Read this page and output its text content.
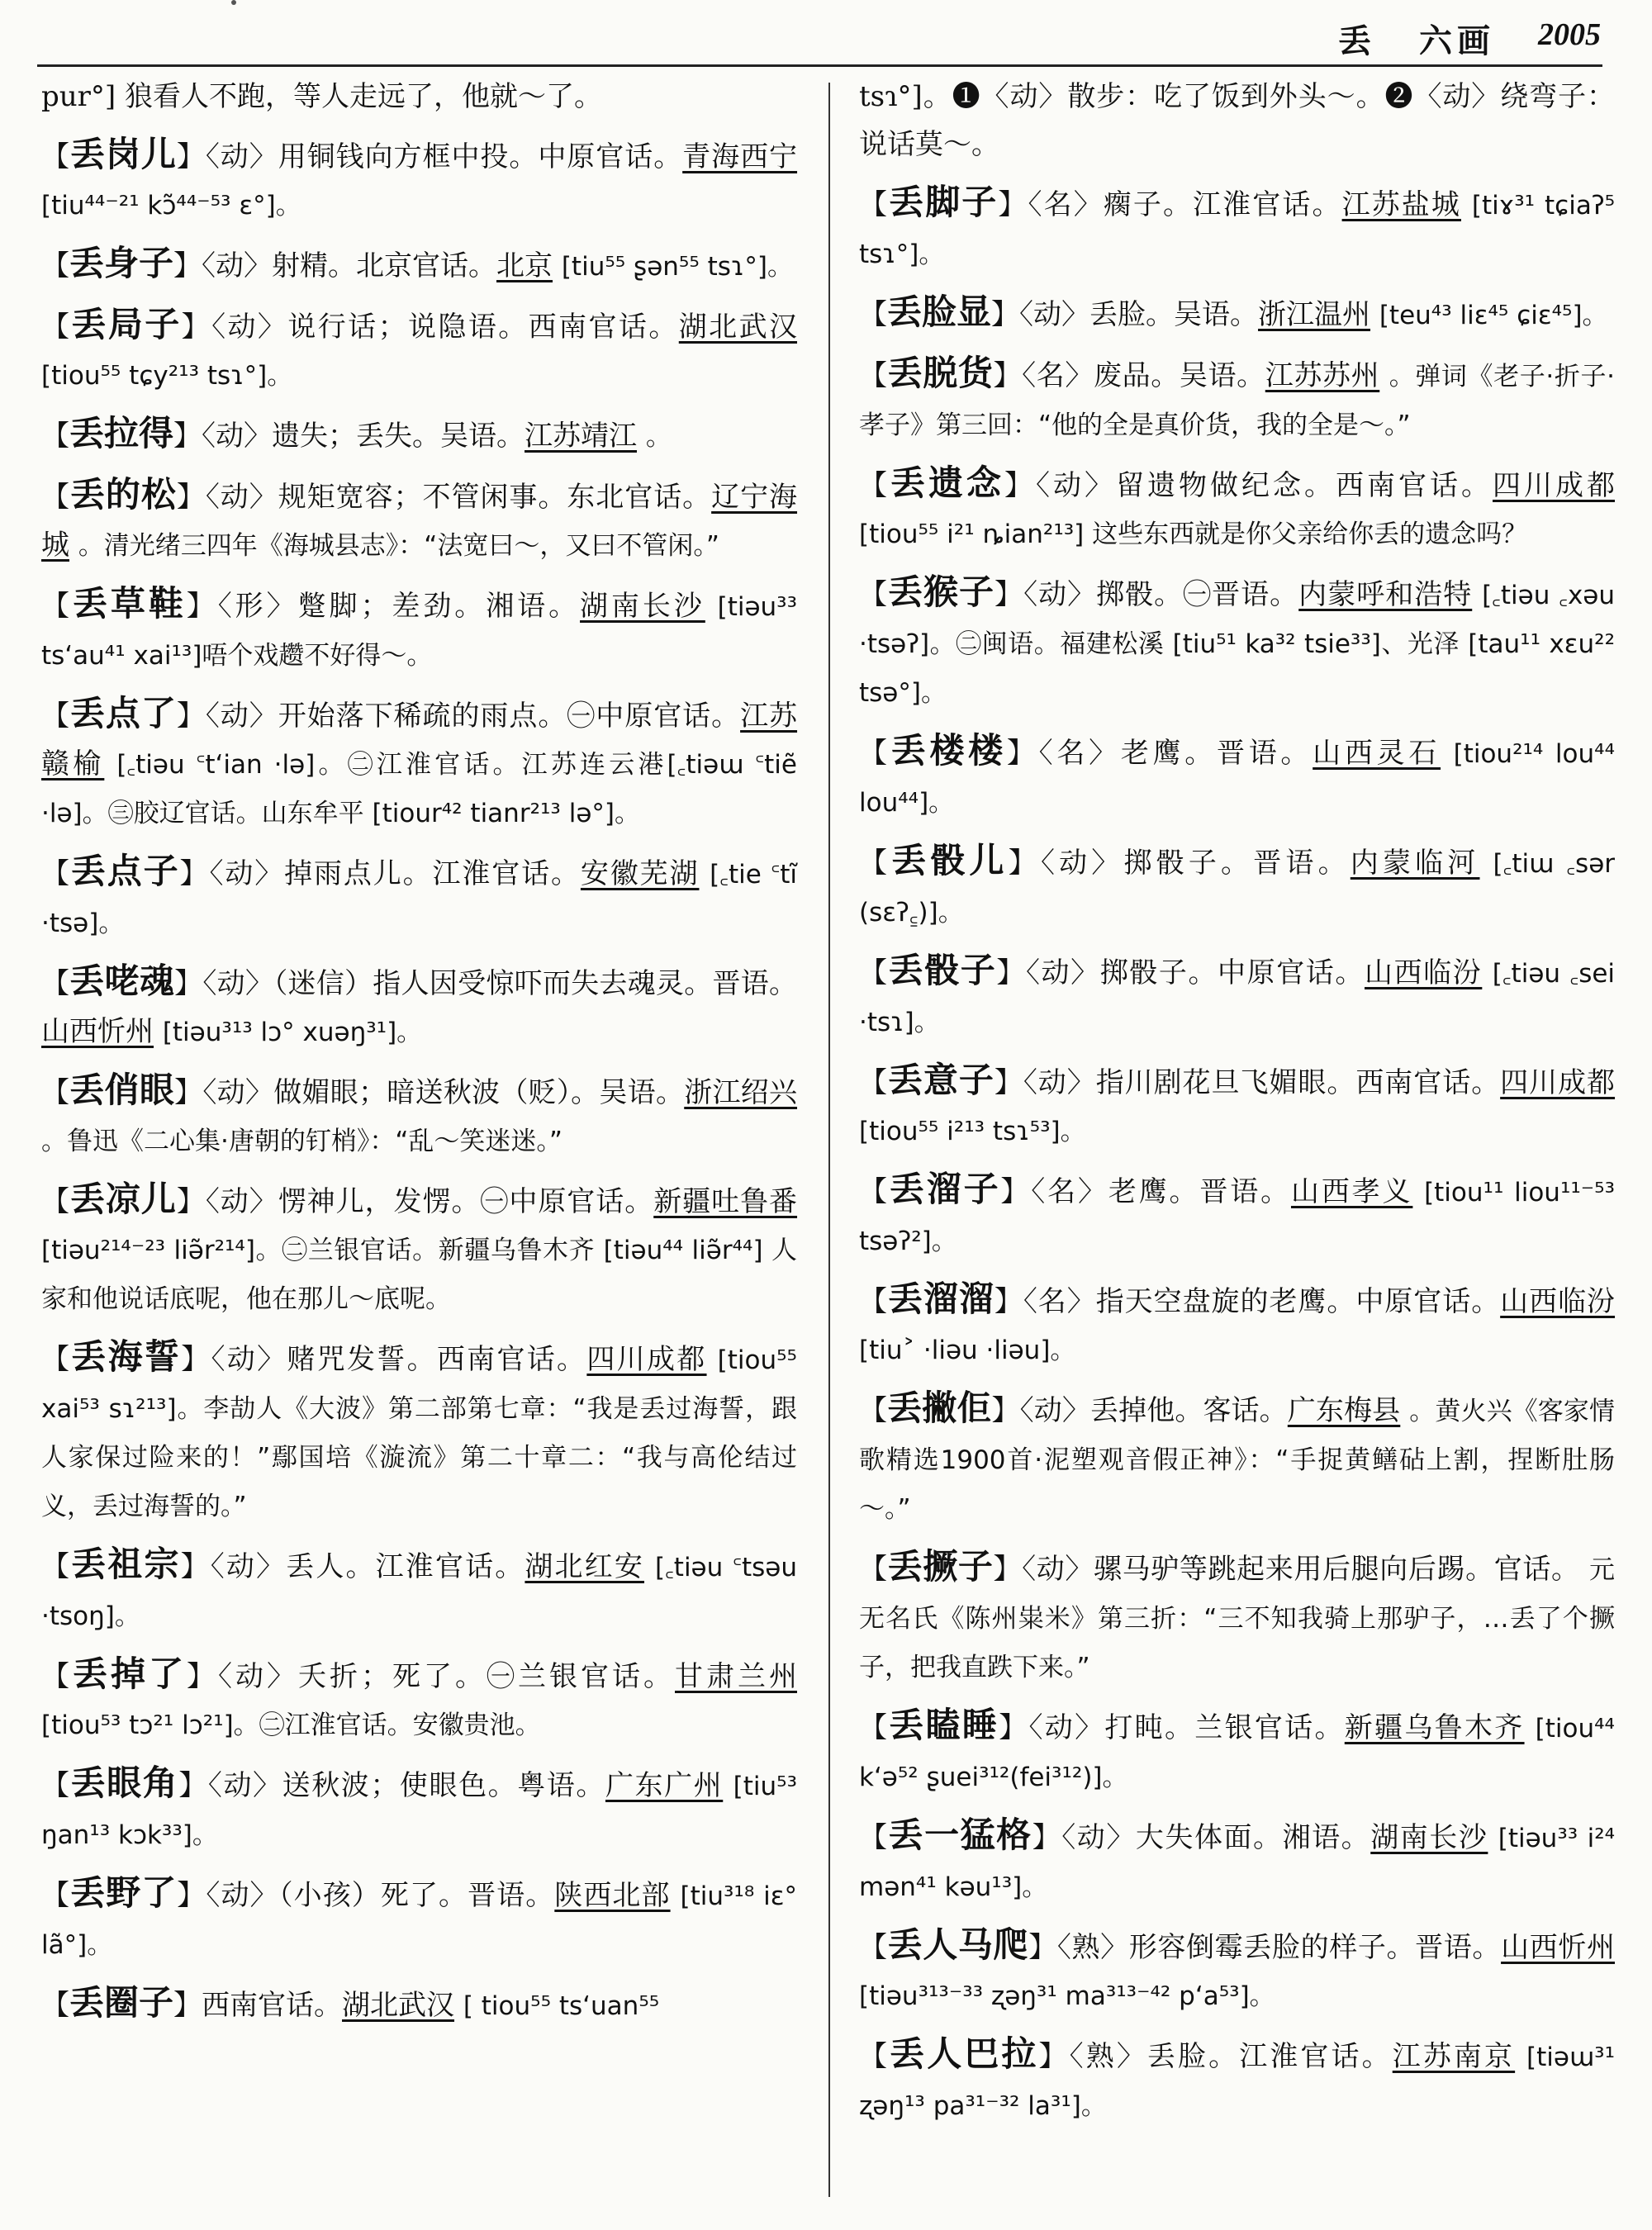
六画
丢	2005
pur°] 狼看人不跑，等人走远了，他就～了。
【丢岗儿】〈动〉用铜钱向方框中投。中原官话。青海西宁 [tiu⁴⁴⁻²¹ kɔ̃⁴⁴⁻⁵³ ɛ°]。
【丢身子】〈动〉射精。北京官话。北京 [tiu⁵⁵ ʂən⁵⁵ tsɿ°]。
【丢局子】〈动〉说行话；说隐语。西南官话。湖北武汉 [tiou⁵⁵ tɕy²¹³ tsɿ°]。
【丢拉得】〈动〉遗失；丢失。吴语。江苏靖江 。
【丢的松】〈动〉规矩宽容；不管闲事。东北官话。辽宁海城 。清光绪三四年《海城县志》：“法宽曰～，又曰不管闲。”
【丢草鞋】〈形〉蹩脚；差劲。湘语。湖南长沙 [tiəu³³ tsʻau⁴¹ xai¹³]唔个戏趱不好得～。
【丢点了】〈动〉开始落下稀疏的雨点。㊀中原官话。江苏赣榆 [꜀tiəu ꜂tʻian ·lə]。㊁江淮官话。江苏连云港[꜀tiəɯ ꜂tiẽ ·lə]。㊂胶辽官话。山东牟平 [tiour⁴² tianr²¹³ lə°]。
【丢点子】〈动〉掉雨点儿。江淮官话。安徽芜湖 [꜀tie ꜂tĩ ·tsə]。
【丢咾魂】〈动〉（迷信）指人因受惊吓而失去魂灵。晋语。山西忻州 [tiəu³¹³ lɔ° xuəŋ³¹]。
【丢俏眼】〈动〉做媚眼；暗送秋波（贬）。吴语。浙江绍兴 。鲁迅《二心集·唐朝的钉梢》：“乱～笑迷迷。”
【丢凉儿】〈动〉愣神儿，发愣。㊀中原官话。新疆吐鲁番 [tiəu²¹⁴⁻²³ liə̃r²¹⁴]。㊁兰银官话。新疆乌鲁木齐 [tiəu⁴⁴ liə̃r⁴⁴] 人家和他说话底呢，他在那儿～底呢。
【丢海誓】〈动〉赌咒发誓。西南官话。四川成都 [tiou⁵⁵ xai⁵³ sɿ²¹³]。李劼人《大波》第二部第七章：“我是丢过海誓，跟人家保过险来的！”鄢国培《漩流》第二十章二：“我与高伦结过义，丢过海誓的。”
【丢祖宗】〈动〉丢人。江淮官话。湖北红安 [꜀tiəu ꜂tsəu ·tsoŋ]。
【丢掉了】〈动〉夭折；死了。㊀兰银官话。甘肃兰州 [tiou⁵³ tɔ²¹ lɔ²¹]。㊁江淮官话。安徽贵池。
【丢眼角】〈动〉送秋波；使眼色。粤语。广东广州 [tiu⁵³ ŋan¹³ kɔk³³]。
【丢野了】〈动〉（小孩）死了。晋语。陕西北部 [tiu³¹⁸ iɛ° lã°]。
【丢圈子】西南官话。湖北武汉 [ tiou⁵⁵ tsʻuan⁵⁵
tsɿ°]。❶〈动〉散步：吃了饭到外头～。❷〈动〉绕弯子：说话莫～。
【丢脚子】〈名〉瘸子。江淮官话。江苏盐城 [tiɤ³¹ tɕiaʔ⁵ tsɿ°]。
【丢脸显】〈动〉丢脸。吴语。浙江温州 [teu⁴³ liɛ⁴⁵ ɕiɛ⁴⁵]。
【丢脱货】〈名〉废品。吴语。江苏苏州 。弹词《老子·折子·孝子》第三回：“他的全是真价货，我的全是～。”
【丢遗念】〈动〉留遗物做纪念。西南官话。四川成都 [tiou⁵⁵ i²¹ ȵian²¹³] 这些东西就是你父亲给你丢的遗念吗？
【丢猴子】〈动〉掷骰。㊀晋语。内蒙呼和浩特 [꜀tiəu ꜀xəu ·tsəʔ]。㊁闽语。福建松溪 [tiu⁵¹ ka³² tsie³³]、光泽 [tau¹¹ xɛu²² tsə°]。
【丢楼楼】〈名〉老鹰。晋语。山西灵石 [tiou²¹⁴ lou⁴⁴ lou⁴⁴]。
【丢骰儿】〈动〉掷骰子。晋语。内蒙临河 [꜀tiɯ ꜀sər (sɛʔ꜁)]。
【丢骰子】〈动〉掷骰子。中原官话。山西临汾 [꜀tiəu ꜀sei ·tsɿ]。
【丢意子】〈动〉指川剧花旦飞媚眼。西南官话。四川成都 [tiou⁵⁵ i²¹³ tsɿ⁵³]。
【丢溜子】〈名〉老鹰。晋语。山西孝义 [tiou¹¹ liou¹¹⁻⁵³ tsəʔ²]。
【丢溜溜】〈名〉指天空盘旋的老鹰。中原官话。山西临汾 [tiu˃ ·liəu ·liəu]。
【丢撇佢】〈动〉丢掉他。客话。广东梅县 。黄火兴《客家情歌精选1900首·泥塑观音假正神》：“手捉黄鳝砧上割，捏断肚肠～。”
【丢撅子】〈动〉骡马驴等跳起来用后腿向后踢。官话。 元无名氏《陈州粜米》第三折：“三不知我骑上那驴子，…丢了个撅子，把我直跌下来。”
【丢瞌睡】〈动〉打盹。兰银官话。新疆乌鲁木齐 [tiou⁴⁴ kʻə⁵² ʂuei³¹²(fei³¹²)]。
【丢一猛格】〈动〉大失体面。湘语。湖南长沙 [tiəu³³ i²⁴ mən⁴¹ kəu¹³]。
【丢人马爬】〈熟〉形容倒霉丢脸的样子。晋语。山西忻州 [tiəu³¹³⁻³³ ʐəŋ³¹ ma³¹³⁻⁴² pʻa⁵³]。
【丢人巴拉】〈熟〉丢脸。江淮官话。江苏南京 [tiəɯ³¹ ʐəŋ¹³ pa³¹⁻³² la³¹]。
